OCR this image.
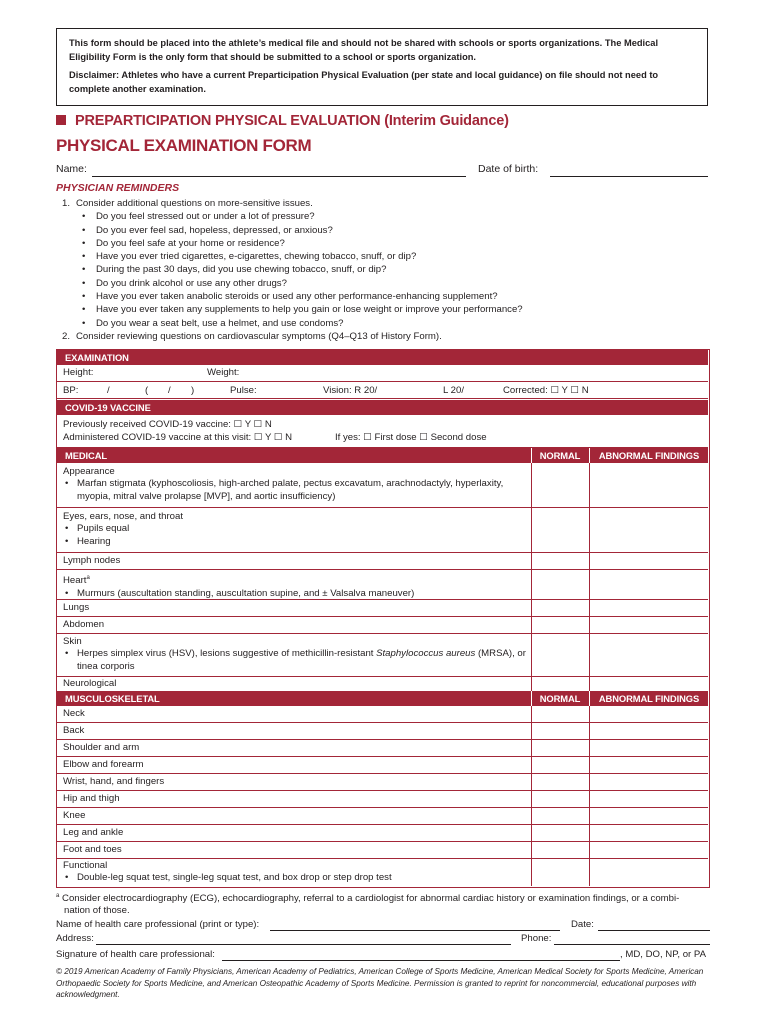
This form should be placed into the athlete’s medical file and should not be shared with schools or sports organizations. The Medical Eligibility Form is the only form that should be submitted to a school or sports organization.

Disclaimer: Athletes who have a current Preparticipation Physical Evaluation (per state and local guidance) on file should not need to complete another examination.

PREPARTICIPATION PHYSICAL EVALUATION (Interim Guidance)
PHYSICAL EXAMINATION FORM
Name:	Date of birth:
PHYSICIAN REMINDERS
1. Consider additional questions on more-sensitive issues.
• Do you feel stressed out or under a lot of pressure?
• Do you ever feel sad, hopeless, depressed, or anxious?
• Do you feel safe at your home or residence?
• Have you ever tried cigarettes, e-cigarettes, chewing tobacco, snuff, or dip?
• During the past 30 days, did you use chewing tobacco, snuff, or dip?
• Do you drink alcohol or use any other drugs?
• Have you ever taken anabolic steroids or used any other performance-enhancing supplement?
• Have you ever taken any supplements to help you gain or lose weight or improve your performance?
• Do you wear a seat belt, use a helmet, and use condoms?
2. Consider reviewing questions on cardiovascular symptoms (Q4–Q13 of History Form).
EXAMINATION
Height:	Weight:
BP:	/	( / )	Pulse:	Vision: R 20/	L 20/	Corrected: ☐ Y ☐ N
COVID-19 VACCINE
Previously received COVID-19 vaccine: ☐ Y ☐ N
Administered COVID-19 vaccine at this visit: ☐ Y ☐ N	If yes: ☐ First dose ☐ Second dose
MEDICAL	NORMAL	ABNORMAL FINDINGS
Appearance
• Marfan stigmata (kyphoscoliosis, high-arched palate, pectus excavatum, arachnodactyly, hyperlaxity,
myopia, mitral valve prolapse [MVP], and aortic insufficiency)
Eyes, ears, nose, and throat
• Pupils equal
• Hearing
Lymph nodes
Heart$^a$
• Murmurs (auscultation standing, auscultation supine, and ± Valsalva maneuver)
Lungs
Abdomen
Skin
• Herpes simplex virus (HSV), lesions suggestive of methicillin-resistant Staphylococcus aureus (MRSA), or
tinea corporis
Neurological
MUSCULOSKELETAL	NORMAL	ABNORMAL FINDINGS
Neck
Back
Shoulder and arm
Elbow and forearm
Wrist, hand, and fingers
Hip and thigh
Knee
Leg and ankle
Foot and toes
Functional
• Double-leg squat test, single-leg squat test, and box drop or step drop test
$^a$ Consider electrocardiography (ECG), echocardiography, referral to a cardiologist for abnormal cardiac history or examination findings, or a combi-
nation of those.
Name of health care professional (print or type):	Date:
Address:	Phone:
Signature of health care professional:	, MD, DO, NP, or PA
© 2019 American Academy of Family Physicians, American Academy of Pediatrics, American College of Sports Medicine, American Medical Society for Sports Medicine, American Orthopaedic Society for Sports Medicine, and American Osteopathic Academy of Sports Medicine. Permission is granted to reprint for noncommercial, educational purposes with acknowledgment.
